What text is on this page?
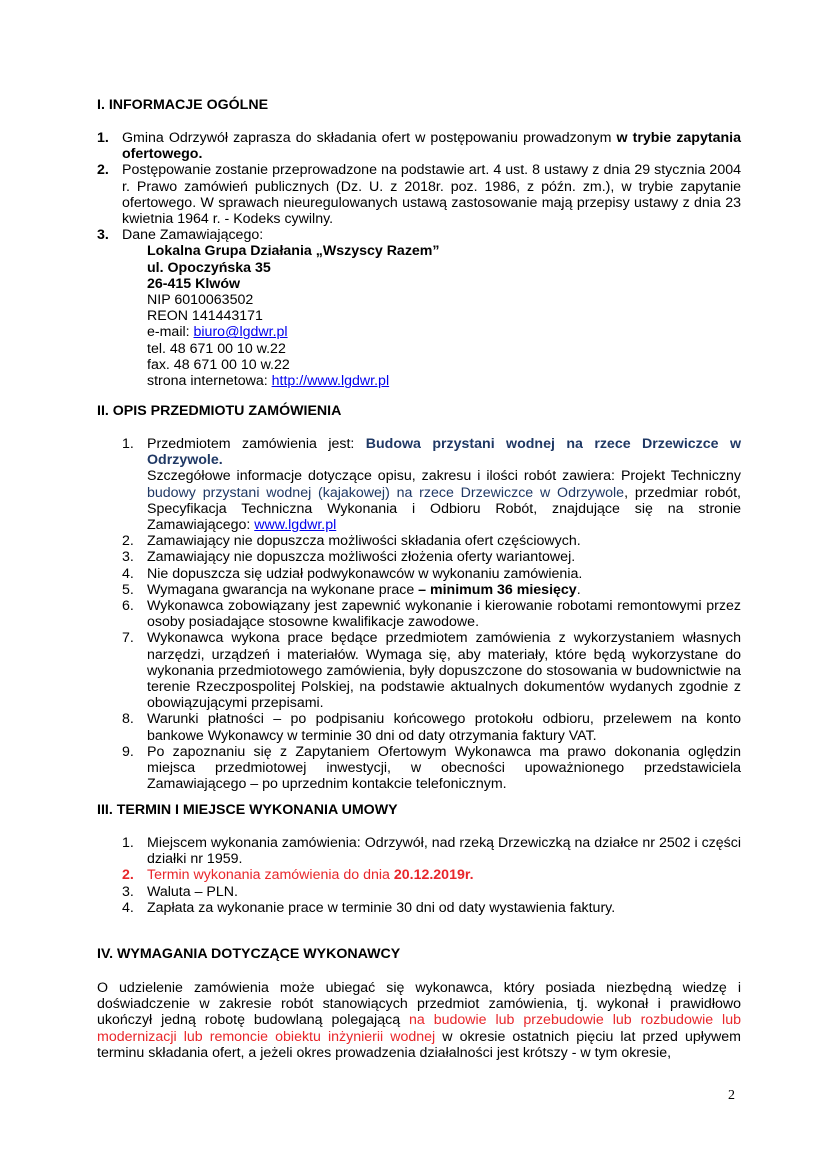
I. INFORMACJE OGÓLNE
1. Gmina Odrzywół zaprasza do składania ofert w postępowaniu prowadzonym w trybie zapytania ofertowego.
2. Postępowanie zostanie przeprowadzone na podstawie art. 4 ust. 8 ustawy z dnia 29 stycznia 2004 r. Prawo zamówień publicznych (Dz. U. z 2018r. poz. 1986, z późn. zm.), w trybie zapytanie ofertowego. W sprawach nieuregulowanych ustawą zastosowanie mają przepisy ustawy z dnia 23 kwietnia 1964 r. - Kodeks cywilny.
3. Dane Zamawiającego:
Lokalna Grupa Działania „Wszyscy Razem”
ul. Opoczyńska 35
26-415 Klwów
NIP 6010063502
REON 141443171
e-mail: biuro@lgdwr.pl
tel. 48 671 00 10 w.22
fax. 48 671 00 10 w.22
strona internetowa: http://www.lgdwr.pl
II. OPIS PRZEDMIOTU ZAMÓWIENIA
1. Przedmiotem zamówienia jest: Budowa przystani wodnej na rzece Drzewiczce w Odrzywole.
Szczegółowe informacje dotyczące opisu, zakresu i ilości robót zawiera: Projekt Techniczny budowy przystani wodnej (kajakowej) na rzece Drzewiczce w Odrzywole, przedmiar robót, Specyfikacja Techniczna Wykonania i Odbioru Robót, znajdujące się na stronie Zamawiającego: www.lgdwr.pl
2. Zamawiający nie dopuszcza możliwości składania ofert częściowych.
3. Zamawiający nie dopuszcza możliwości złożenia oferty wariantowej.
4. Nie dopuszcza się udział podwykonawców w wykonaniu zamówienia.
5. Wymagana gwarancja na wykonane prace – minimum 36 miesięcy.
6. Wykonawca zobowiązany jest zapewnić wykonanie i kierowanie robotami remontowymi przez osoby posiadające stosowne kwalifikacje zawodowe.
7. Wykonawca wykona prace będące przedmiotem zamówienia z wykorzystaniem własnych narzędzi, urządzeń i materiałów. Wymaga się, aby materiały, które będą wykorzystane do wykonania przedmiotowego zamówienia, były dopuszczone do stosowania w budownictwie na terenie Rzeczpospolitej Polskiej, na podstawie aktualnych dokumentów wydanych zgodnie z obowiązującymi przepisami.
8. Warunki płatności – po podpisaniu końcowego protokołu odbioru, przelewem na konto bankowe Wykonawcy w terminie 30 dni od daty otrzymania faktury VAT.
9. Po zapoznaniu się z Zapytaniem Ofertowym Wykonawca ma prawo dokonania oględzin miejsca przedmiotowej inwestycji, w obecności upoważnionego przedstawiciela Zamawiającego – po uprzednim kontakcie telefonicznym.
III. TERMIN I MIEJSCE WYKONANIA UMOWY
1. Miejscem wykonania zamówienia: Odrzywół, nad rzeką Drzewiczką na działce nr 2502 i części działki nr 1959.
2. Termin wykonania zamówienia do dnia 20.12.2019r.
3. Waluta – PLN.
4. Zapłata za wykonanie prace w terminie 30 dni od daty wystawienia faktury.
IV. WYMAGANIA DOTYCZĄCE WYKONAWCY
O udzielenie zamówienia może ubiegać się wykonawca, który posiada niezbędną wiedzę i doświadczenie w zakresie robót stanowiących przedmiot zamówienia, tj. wykonał i prawidłowo ukończył jedną robotę budowlaną polegającą na budowie lub przebudowie lub rozbudowie lub modernizacji lub remoncie obiektu inżynierii wodnej w okresie ostatnich pięciu lat przed upływem terminu składania ofert, a jeżeli okres prowadzenia działalności jest krótszy - w tym okresie,
2
